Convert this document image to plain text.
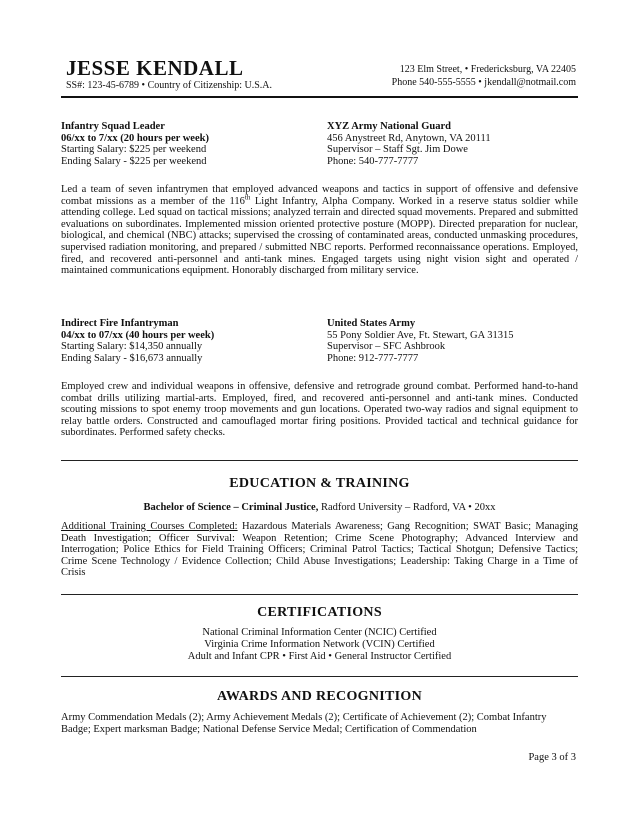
JESSE KENDALL
SS#: 123-45-6789 • Country of Citizenship: U.S.A.
123 Elm Street, • Fredericksburg, VA 22405
Phone 540-555-5555 • jkendall@notmail.com
Infantry Squad Leader
06/xx to 7/xx (20 hours per week)
Starting Salary: $225 per weekend
Ending Salary - $225 per weekend
XYZ Army National Guard
456 Anystreet Rd, Anytown, VA 20111
Supervisor – Staff Sgt. Jim Dowe
Phone: 540-777-7777
Led a team of seven infantrymen that employed advanced weapons and tactics in support of offensive and defensive combat missions as a member of the 116th Light Infantry, Alpha Company. Worked in a reserve status soldier while attending college. Led squad on tactical missions; analyzed terrain and directed squad movements. Prepared and submitted evaluations on subordinates. Implemented mission oriented protective posture (MOPP). Directed preparation for nuclear, biological, and chemical (NBC) attacks; supervised the crossing of contaminated areas, conducted unmasking procedures, supervised radiation monitoring, and prepared / submitted NBC reports. Performed reconnaissance operations. Employed, fired, and recovered anti-personnel and anti-tank mines. Engaged targets using night vision sight and operated / maintained communications equipment. Honorably discharged from military service.
Indirect Fire Infantryman
04/xx to 07/xx (40 hours per week)
Starting Salary: $14,350 annually
Ending Salary - $16,673 annually
United States Army
55 Pony Soldier Ave, Ft. Stewart, GA 31315
Supervisor – SFC Ashbrook
Phone: 912-777-7777
Employed crew and individual weapons in offensive, defensive and retrograde ground combat. Performed hand-to-hand combat drills utilizing martial-arts. Employed, fired, and recovered anti-personnel and anti-tank mines. Conducted scouting missions to spot enemy troop movements and gun locations. Operated two-way radios and signal equipment to relay battle orders. Constructed and camouflaged mortar firing positions. Provided tactical and technical guidance for subordinates. Performed safety checks.
EDUCATION & TRAINING
Bachelor of Science – Criminal Justice, Radford University – Radford, VA • 20xx
Additional Training Courses Completed: Hazardous Materials Awareness; Gang Recognition; SWAT Basic; Managing Death Investigation; Officer Survival: Weapon Retention; Crime Scene Photography; Advanced Interview and Interrogation; Police Ethics for Field Training Officers; Criminal Patrol Tactics; Tactical Shotgun; Defensive Tactics; Crime Scene Technology / Evidence Collection; Child Abuse Investigations; Leadership: Taking Charge in a Time of Crisis
CERTIFICATIONS
National Criminal Information Center (NCIC) Certified
Virginia Crime Information Network (VCIN) Certified
Adult and Infant CPR • First Aid • General Instructor Certified
AWARDS AND RECOGNITION
Army Commendation Medals (2); Army Achievement Medals (2); Certificate of Achievement (2); Combat Infantry Badge; Expert marksman Badge; National Defense Service Medal; Certification of Commendation
Page 3 of 3
